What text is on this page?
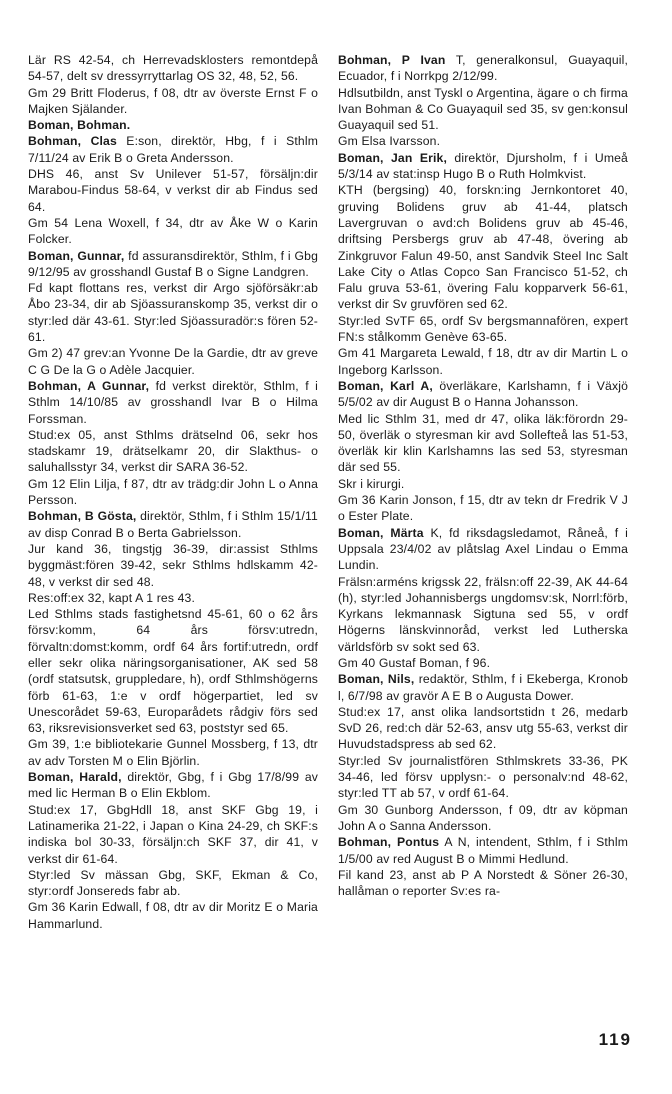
Lär RS 42-54, ch Herrevadsklosters remontdepå 54-57, delt sv dressyrryttarlag OS 32, 48, 52, 56.

Gm 29 Britt Floderus, f 08, dtr av överste Ernst F o Majken Själander.

Boman, Bohman.

Bohman, Clas E:son, direktör, Hbg, f i Sthlm 7/11/24 av Erik B o Greta Andersson.

DHS 46, anst Sv Unilever 51-57, försäljn:dir Marabou-Findus 58-64, v verkst dir ab Findus sed 64.

Gm 54 Lena Woxell, f 34, dtr av Åke W o Karin Folcker.

Boman, Gunnar, fd assuransdirektör, Sthlm, f i Gbg 9/12/95 av grosshandl Gustaf B o Signe Landgren.

Fd kapt flottans res, verkst dir Argo sjöförsäkr:ab Åbo 23-34, dir ab Sjöassuranskomp 35, verkst dir o styr:led där 43-61. Styr:led Sjöassuradör:s fören 52-61.

Gm 2) 47 grev:an Yvonne De la Gardie, dtr av greve C G De la G o Adèle Jacquier.

Bohman, A Gunnar, fd verkst direktör, Sthlm, f i Sthlm 14/10/85 av grosshandl Ivar B o Hilma Forssman.

Stud:ex 05, anst Sthlms drätselnd 06, sekr hos stadskamr 19, drätselkamr 20, dir Slakthus- o saluhallsstyr 34, verkst dir SARA 36-52.

Gm 12 Elin Lilja, f 87, dtr av trädg:dir John L o Anna Persson.

Bohman, B Gösta, direktör, Sthlm, f i Sthlm 15/1/11 av disp Conrad B o Berta Gabrielsson.

Jur kand 36, tingstjg 36-39, dir:assist Sthlms byggmäst:fören 39-42, sekr Sthlms hdlskamm 42-48, v verkst dir sed 48.

Res:off:ex 32, kapt A 1 res 43.

Led Sthlms stads fastighetsnd 45-61, 60 o 62 års försv:komm, 64 års försv:utredn, förvaltn:domst:komm, ordf 64 års fortif:utredn, ordf eller sekr olika näringsorganisationer, AK sed 58 (ordf statsutsk, gruppledare, h), ordf Sthlmshögerns förb 61-63, 1:e v ordf högerpartiet, led sv Unescorådet 59-63, Europarådets rådgiv förs sed 63, riksrevisionsverket sed 63, poststyr sed 65.

Gm 39, 1:e bibliotekarie Gunnel Mossberg, f 13, dtr av adv Torsten M o Elin Björlin.

Boman, Harald, direktör, Gbg, f i Gbg 17/8/99 av med lic Herman B o Elin Ekblom.

Stud:ex 17, GbgHdll 18, anst SKF Gbg 19, i Latinamerika 21-22, i Japan o Kina 24-29, ch SKF:s indiska bol 30-33, försäljn:ch SKF 37, dir 41, v verkst dir 61-64.

Styr:led Sv mässan Gbg, SKF, Ekman & Co, styr:ordf Jonsereds fabr ab.

Gm 36 Karin Edwall, f 08, dtr av dir Moritz E o Maria Hammarlund.

Bohman, P Ivan T, generalkonsul, Guayaquil, Ecuador, f i Norrkpg 2/12/99.

Hdlsutbildn, anst Tyskl o Argentina, ägare o ch firma Ivan Bohman & Co Guayaquil sed 35, sv gen:konsul Guayaquil sed 51.

Gm Elsa Ivarsson.

Boman, Jan Erik, direktör, Djursholm, f i Umeå 5/3/14 av stat:insp Hugo B o Ruth Holmkvist.

KTH (bergsing) 40, forskn:ing Jernkontoret 40, gruving Bolidens gruv ab 41-44, platsch Lavergruvan o avd:ch Bolidens gruv ab 45-46, driftsing Persbergs gruv ab 47-48, övering ab Zinkgruvor Falun 49-50, anst Sandvik Steel Inc Salt Lake City o Atlas Copco San Francisco 51-52, ch Falu gruva 53-61, övering Falu kopparverk 56-61, verkst dir Sv gruvfören sed 62.

Styr:led SvTF 65, ordf Sv bergsmannafören, expert FN:s stålkomm Genève 63-65.

Gm 41 Margareta Lewald, f 18, dtr av dir Martin L o Ingeborg Karlsson.

Boman, Karl A, överläkare, Karlshamn, f i Växjö 5/5/02 av dir August B o Hanna Johansson.

Med lic Sthlm 31, med dr 47, olika läk:förordn 29-50, överläk o styresman kir avd Sollefteå las 51-53, överläk kir klin Karlshamns las sed 53, styresman där sed 55.

Skr i kirurgi.

Gm 36 Karin Jonson, f 15, dtr av tekn dr Fredrik V J o Ester Plate.

Boman, Märta K, fd riksdagsledamot, Råneå, f i Uppsala 23/4/02 av plåtslag Axel Lindau o Emma Lundin.

Frälsn:arméns krigssk 22, frälsn:off 22-39, AK 44-64 (h), styr:led Johannisbergs ungdomsv:sk, Norrl:förb, Kyrkans lekmannask Sigtuna sed 55, v ordf Högerns länskvinnoråd, verkst led Lutherska världsförb sv sokt sed 63.

Gm 40 Gustaf Boman, f 96.

Boman, Nils, redaktör, Sthlm, f i Ekeberga, Kronob l, 6/7/98 av gravör A E B o Augusta Dower.

Stud:ex 17, anst olika landsortstidn t 26, medarb SvD 26, red:ch där 52-63, ansv utg 55-63, verkst dir Huvudstadspress ab sed 62.

Styr:led Sv journalistfören Sthlmskrets 33-36, PK 34-46, led försv upplysn:- o personalv:nd 48-62, styr:led TT ab 57, v ordf 61-64.

Gm 30 Gunborg Andersson, f 09, dtr av köpman John A o Sanna Andersson.

Bohman, Pontus A N, intendent, Sthlm, f i Sthlm 1/5/00 av red August B o Mimmi Hedlund.

Fil kand 23, anst ab P A Norstedt & Söner 26-30, hallåman o reporter Sv:es ra-

119
